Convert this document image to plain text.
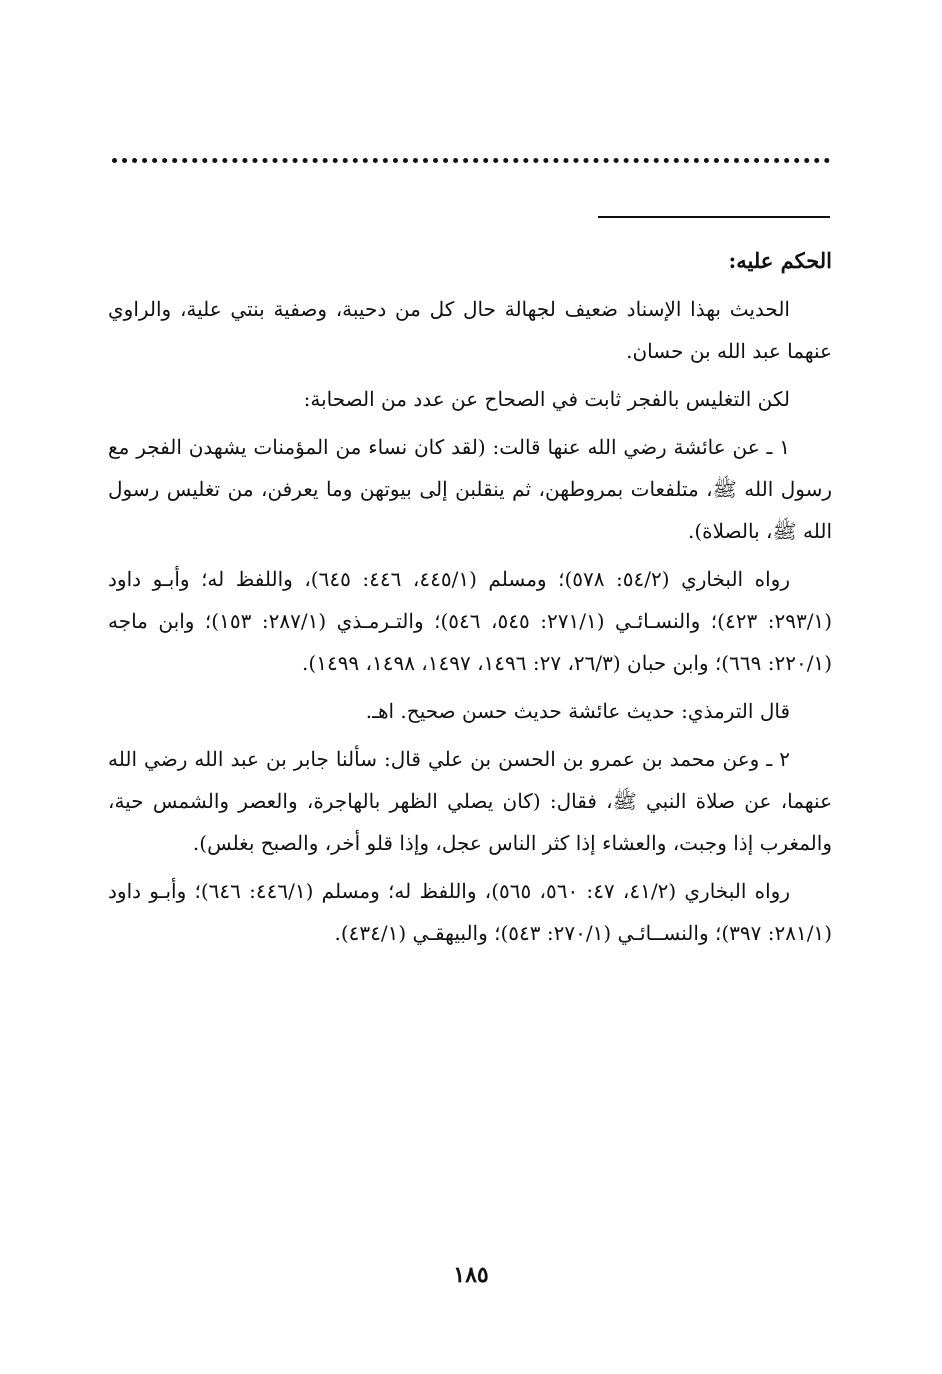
الحكم عليه:

الحديث بهذا الإسناد ضعيف لجهالة حال كل من دحيبة، وصفية بنتي علية، والراوي عنهما عبد الله بن حسان.

لكن التغليس بالفجر ثابت في الصحاح عن عدد من الصحابة:

١ ـ عن عائشة رضي الله عنها قالت: (لقد كان نساء من المؤمنات يشهدن الفجر مع رسول الله ﷺ، متلفعات بمروطهن، ثم ينقلبن إلى بيوتهن وما يعرفن، من تغليس رسول الله ﷺ، بالصلاة).

رواه البخاري (٥٤/٢: ٥٧٨)؛ ومسلم (٤٤٥/١، ٤٤٦: ٦٤٥)، واللفظ له؛ وأبـو داود (٢٩٣/١: ٤٢٣)؛ والنسـائـي (٢٧١/١: ٥٤٥، ٥٤٦)؛ والتـرمـذي (٢٨٧/١: ١٥٣)؛ وابن ماجه (٢٢٠/١: ٦٦٩)؛ وابن حبان (٢٦/٣، ٢٧: ١٤٩٦، ١٤٩٧، ١٤٩٨، ١٤٩٩).

قال الترمذي: حديث عائشة حديث حسن صحيح. اهـ.

٢ ـ وعن محمد بن عمرو بن الحسن بن علي قال: سألنا جابر بن عبد الله رضي الله عنهما، عن صلاة النبي ﷺ، فقال: (كان يصلي الظهر بالهاجرة، والعصر والشمس حية، والمغرب إذا وجبت، والعشاء إذا كثر الناس عجل، وإذا قلو أخر، والصبح بغلس).

رواه البخاري (٤١/٢، ٤٧: ٥٦٠، ٥٦٥)، واللفظ له؛ ومسلم (٤٤٦/١: ٦٤٦)؛ وأبـو داود (٢٨١/١: ٣٩٧)؛ والنســائـي (٢٧٠/١: ٥٤٣)؛ والبيهقـي (٤٣٤/١).

١٨٥
